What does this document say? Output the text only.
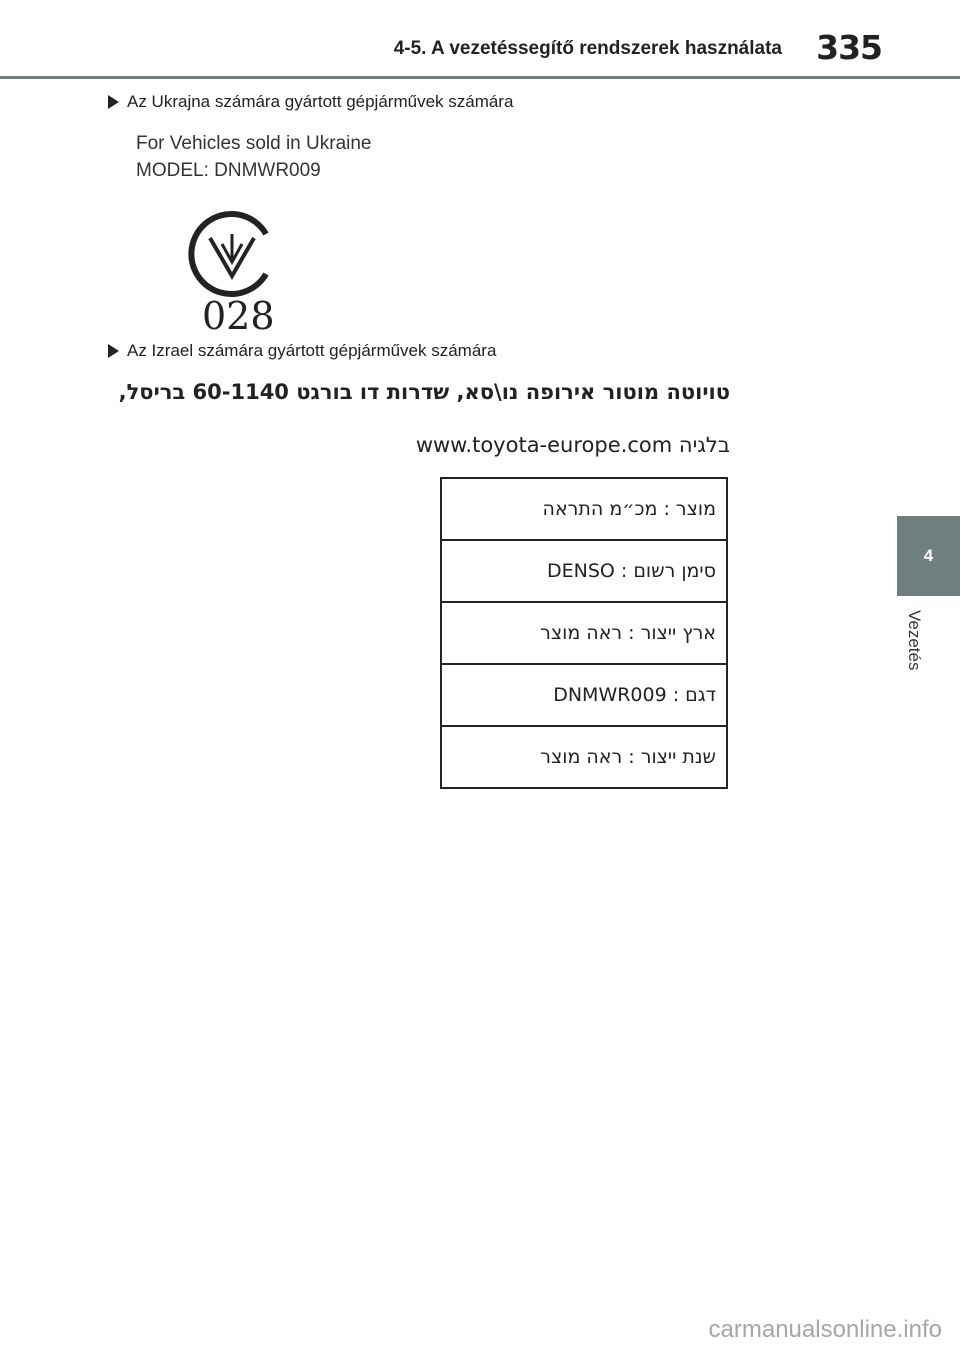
4-5. A vezetéssegítő rendszerek használata 335
4
Vezetés
Az Ukrajna számára gyártott gépjárművek számára
For Vehicles sold in Ukraine
MODEL: DNMWR009
028
Az Izrael számára gyártott gépjárművek számára
טויוטה מוטור אירופה נו\סא, שדרות דו בורגט 60-1140 בריסל,
בלגיה www.toyota-europe.com
מוצר : מכ״מ התראה
סימן רשום : DENSO
ארץ ייצור : ראה מוצר
דגם : DNMWR009
שנת ייצור : ראה מוצר
carmanualsonline.info
